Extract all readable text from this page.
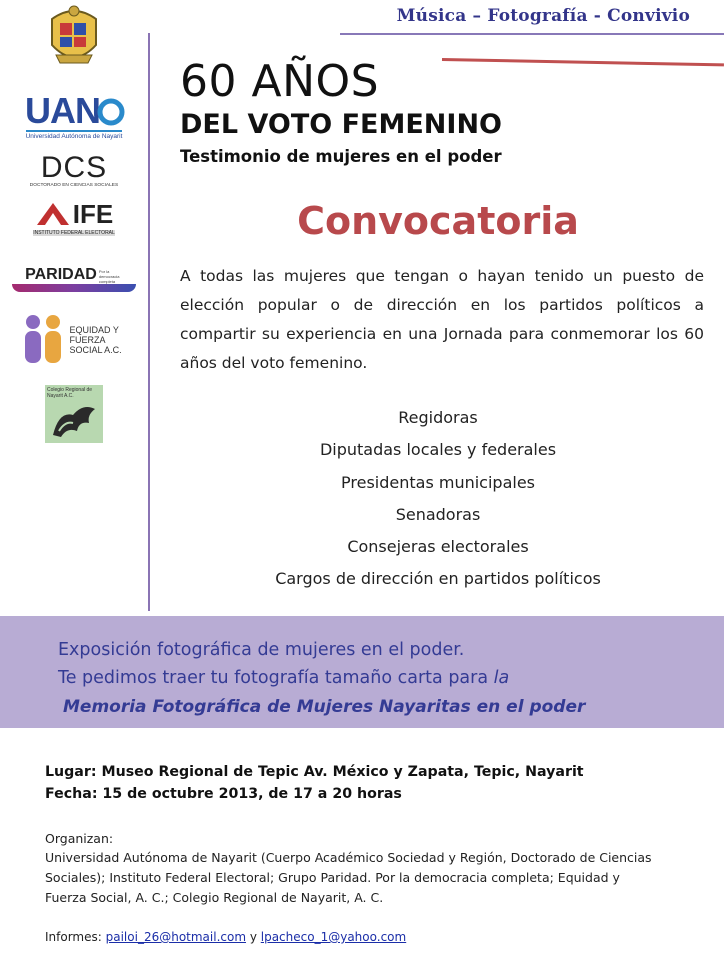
Música – Fotografía - Convivio
UAN
Universidad Autónoma de Nayarit
DCS
DOCTORADO EN CIENCIAS SOCIALES
IFE
INSTITUTO FEDERAL ELECTORAL
PARIDAD Por la democracia completa
EQUIDAD Y FUERZA SOCIAL A.C.
Colegio Regional de Nayarit A.C.
60 AÑOS
DEL VOTO FEMENINO
Testimonio de mujeres en el poder
Convocatoria
A todas las mujeres que tengan o hayan tenido un puesto de elección popular o de dirección en los partidos políticos a compartir su experiencia en una Jornada para conmemorar los 60 años del voto femenino.
Regidoras
Diputadas locales y federales
Presidentas municipales
Senadoras
Consejeras electorales
Cargos de dirección en partidos políticos
Exposición fotográfica de mujeres en el poder.
Te pedimos traer tu fotografía tamaño carta para la
Memoria Fotográfica de Mujeres Nayaritas en el poder
Lugar: Museo Regional de Tepic Av. México y Zapata, Tepic, Nayarit
Fecha: 15 de octubre 2013, de 17 a 20 horas
Organizan:
Universidad Autónoma de Nayarit (Cuerpo Académico Sociedad y Región, Doctorado de Ciencias Sociales); Instituto Federal Electoral; Grupo Paridad. Por la democracia completa; Equidad y Fuerza Social, A. C.; Colegio Regional de Nayarit, A. C.
Informes: pailoi_26@hotmail.com y lpacheco_1@yahoo.com
